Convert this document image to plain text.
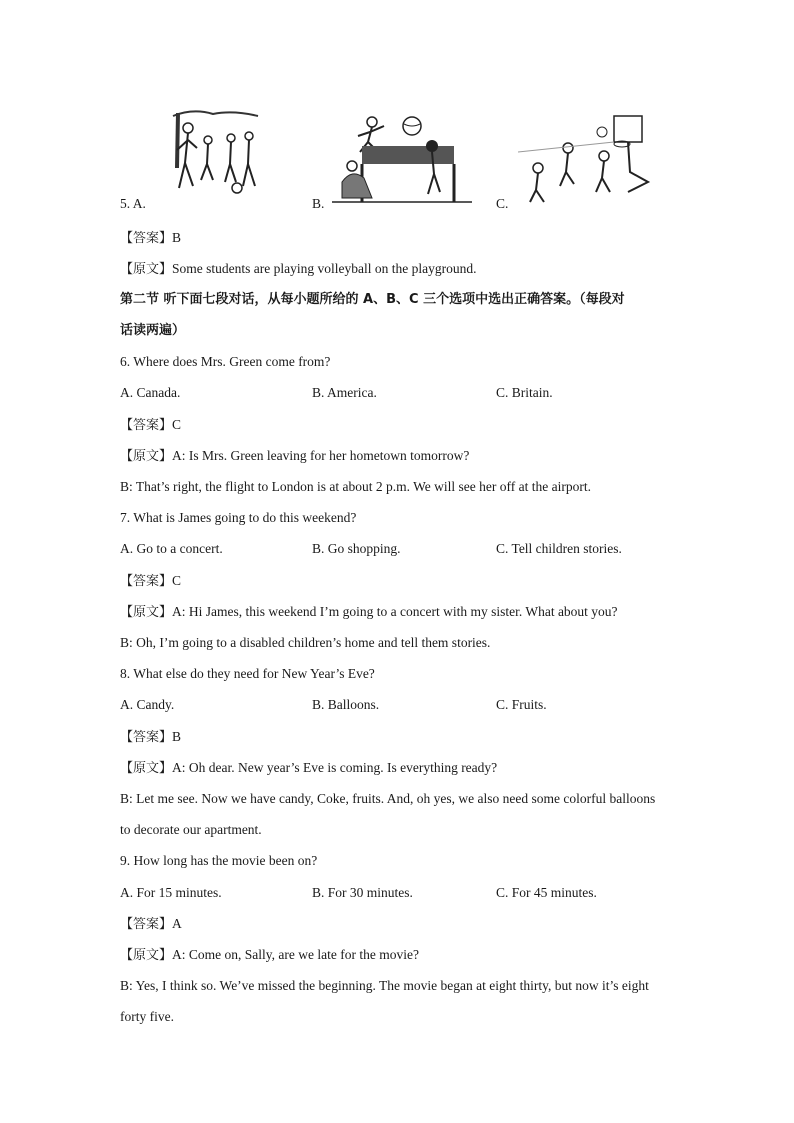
5. A.	B.	C.
【答案】B
【原文】Some students are playing volleyball on the playground.
第二节 听下面七段对话，从每小题所给的 A、B、C 三个选项中选出正确答案。（每段对
话读两遍）
6. Where does Mrs. Green come from?
A. Canada.	B. America.	C. Britain.
【答案】C
【原文】A: Is Mrs. Green leaving for her hometown tomorrow?
B: That’s right, the flight to London is at about 2 p.m. We will see her off at the airport.
7. What is James going to do this weekend?
A. Go to a concert.	B. Go shopping.	C. Tell children stories.
【答案】C
【原文】A: Hi James, this weekend I’m going to a concert with my sister. What about you?
B: Oh, I’m going to a disabled children’s home and tell them stories.
8. What else do they need for New Year’s Eve?
A. Candy.	B. Balloons.	C. Fruits.
【答案】B
【原文】A: Oh dear. New year’s Eve is coming. Is everything ready?
B: Let me see. Now we have candy, Coke, fruits. And, oh yes, we also need some colorful balloons
to decorate our apartment.
9. How long has the movie been on?
A. For 15 minutes.	B. For 30 minutes.	C. For 45 minutes.
【答案】A
【原文】A: Come on, Sally, are we late for the movie?
B: Yes, I think so. We’ve missed the beginning. The movie began at eight thirty, but now it’s eight
forty five.
